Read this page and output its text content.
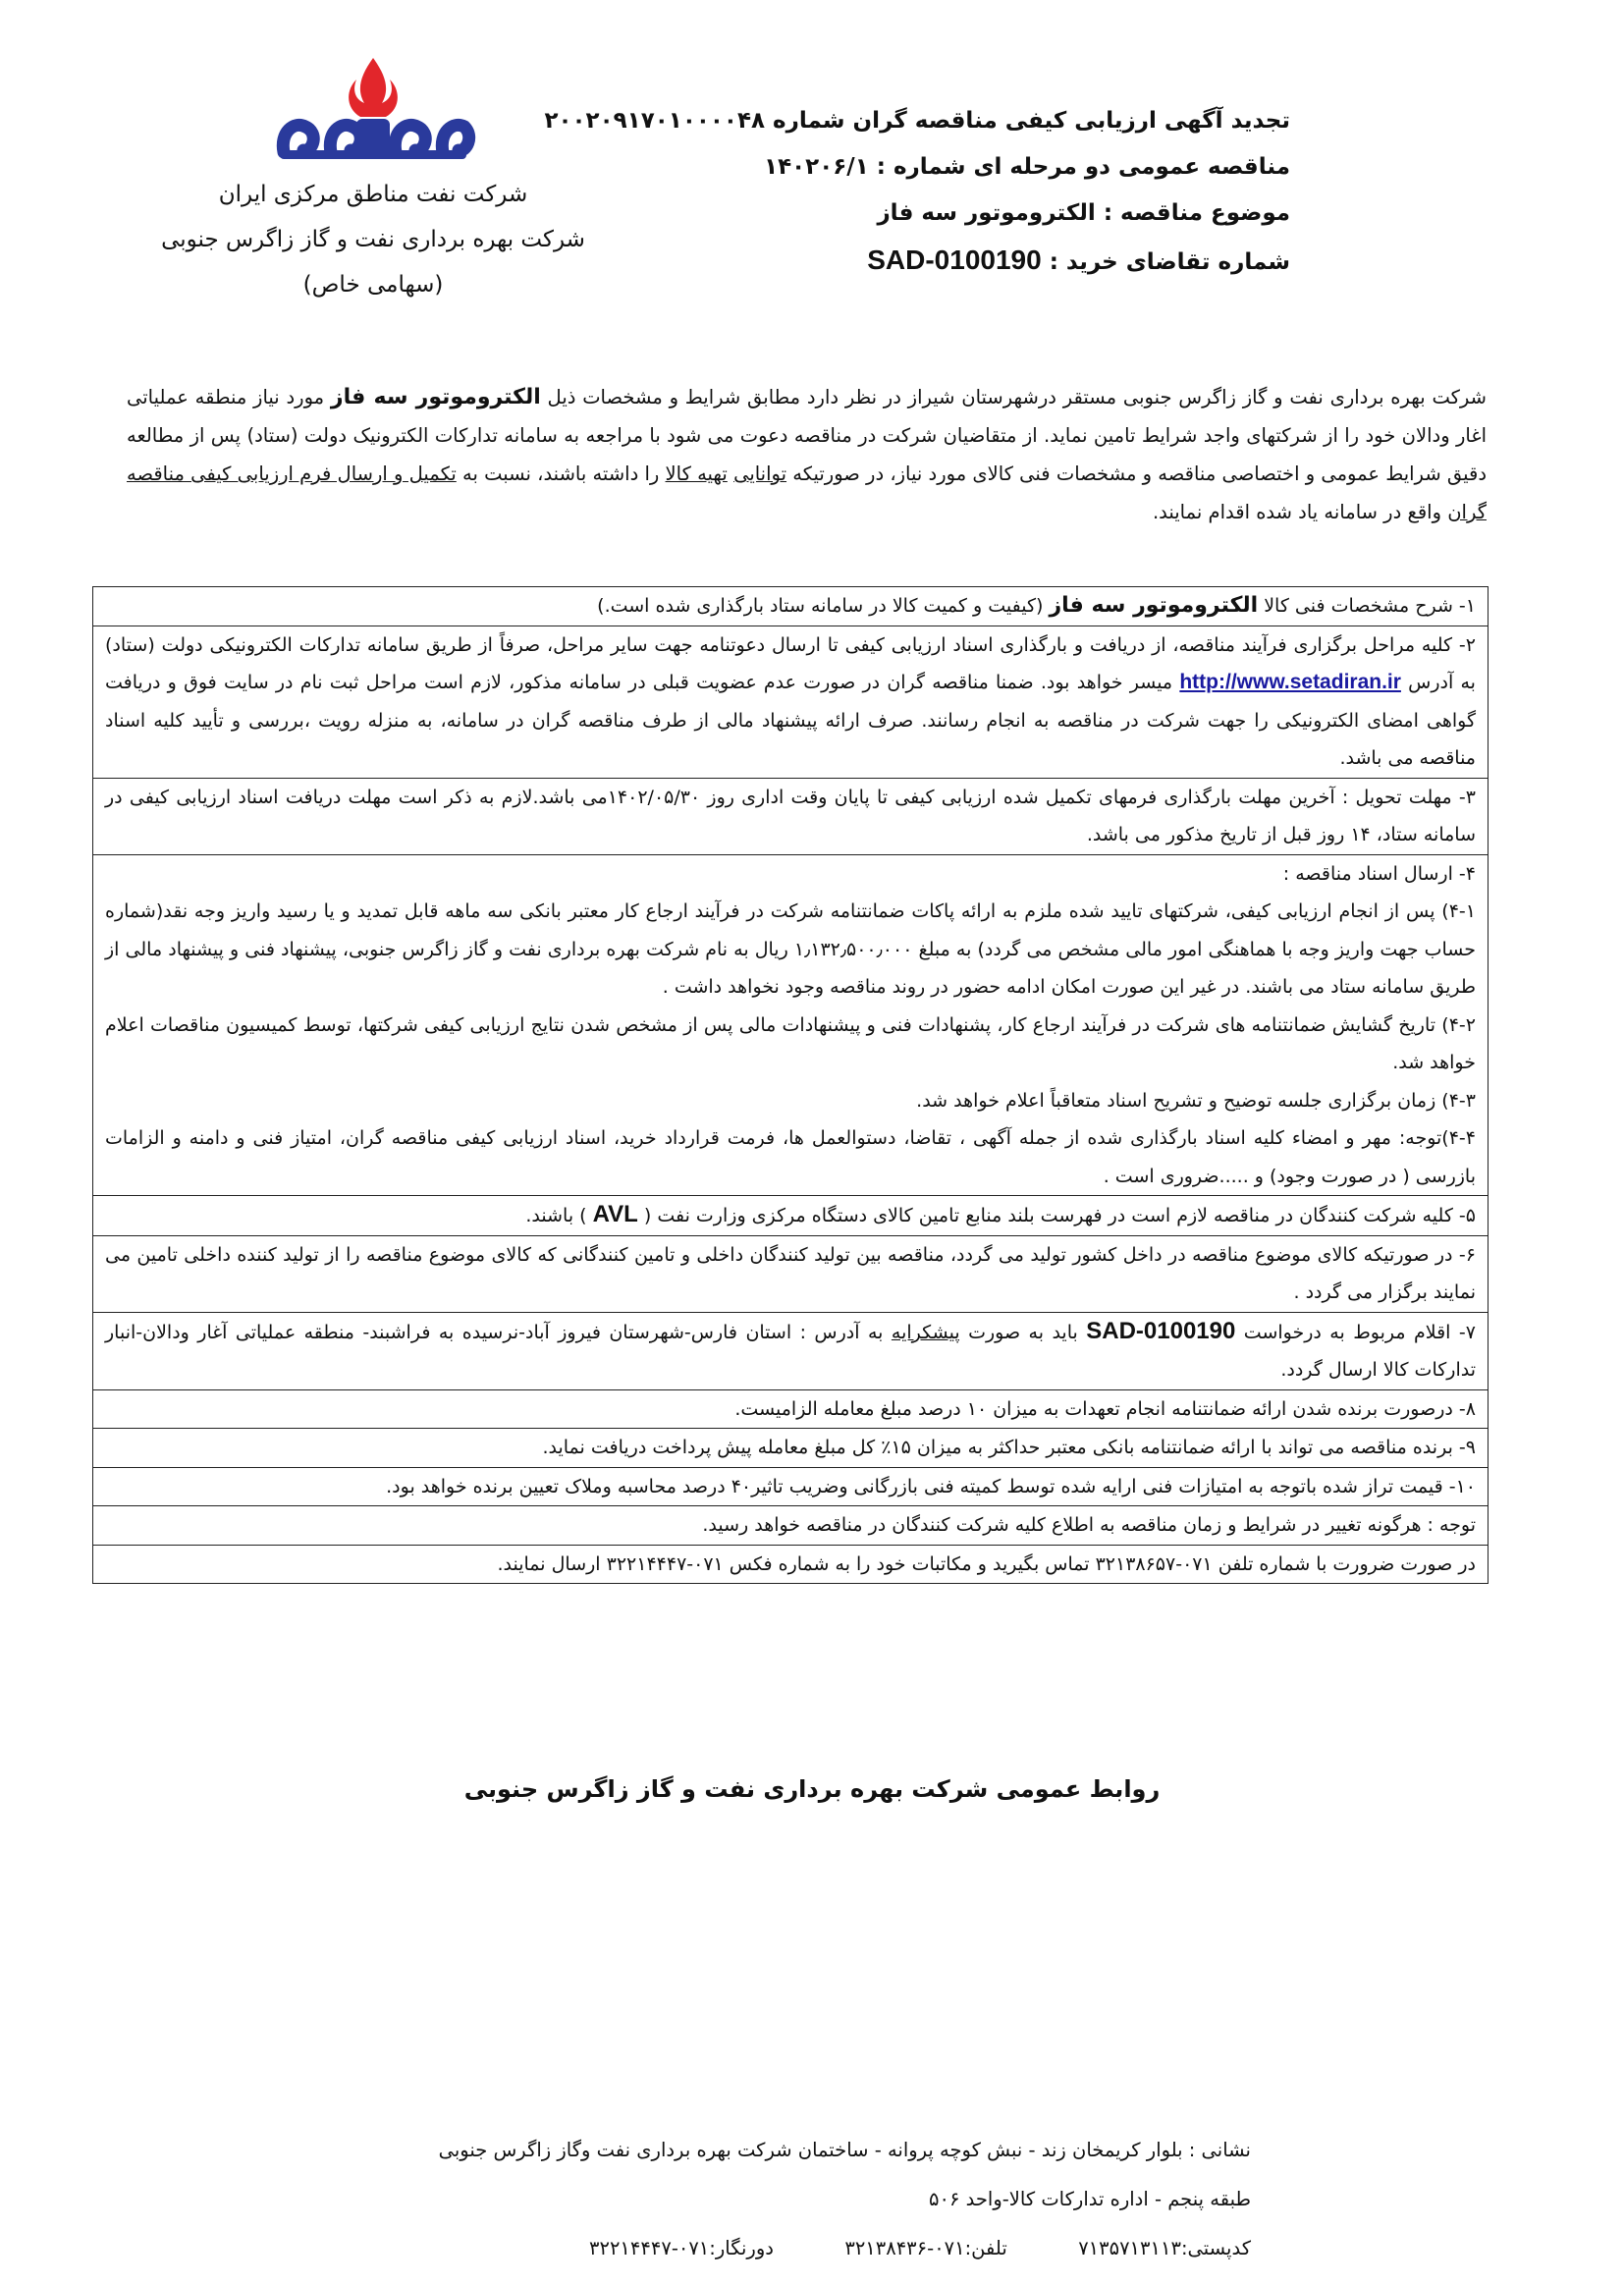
تجدید آگهی ارزیابی کیفی مناقصه گران شماره ۲۰۰۲۰۹۱۷۰۱۰۰۰۰۴۸
مناقصه عمومی دو مرحله ای شماره : ۱۴۰۲۰۶/۱
موضوع مناقصه : الکتروموتور سه فاز
شماره تقاضای خرید : SAD-0100190
شرکت نفت مناطق مرکزی ایران
شرکت بهره برداری نفت و گاز زاگرس جنوبی
(سهامی خاص)
شرکت بهره برداری نفت و گاز زاگرس جنوبی مستقر درشهرستان شیراز در نظر دارد مطابق شرایط و مشخصات ذیل الکتروموتور سه فاز مورد نیاز منطقه عملیاتی اغار ودالان خود را از شرکتهای واجد شرایط تامین نماید. از متقاضیان شرکت در مناقصه دعوت می شود با مراجعه به سامانه تدارکات الکترونیک دولت (ستاد) پس از مطالعه دقیق شرایط عمومی و اختصاصی مناقصه و مشخصات فنی کالای مورد نیاز، در صورتیکه توانایی تهیه کالا را داشته باشند، نسبت به تکمیل و ارسال فرم ارزیابی کیفی مناقصه گران واقع در سامانه یاد شده اقدام نمایند.
۱- شرح مشخصات فنی کالا الکتروموتور سه فاز (کیفیت و کمیت کالا در سامانه ستاد بارگذاری شده است.)
۲- کلیه مراحل برگزاری فرآیند مناقصه، از دریافت و بارگذاری اسناد ارزیابی کیفی تا ارسال دعوتنامه جهت سایر مراحل، صرفاً از طریق سامانه تدارکات الکترونیکی دولت (ستاد) به آدرس http://www.setadiran.ir میسر خواهد بود. ضمنا مناقصه گران در صورت عدم عضویت قبلی در سامانه مذکور، لازم است مراحل ثبت نام در سایت فوق و دریافت گواهی امضای الکترونیکی را جهت شرکت در مناقصه به انجام رسانند. صرف ارائه پیشنهاد مالی از طرف مناقصه گران در سامانه، به منزله رویت ،بررسی و تأیید کلیه اسناد مناقصه می باشد.
۳- مهلت تحویل : آخرین مهلت بارگذاری فرمهای تکمیل شده ارزیابی کیفی تا پایان وقت اداری روز ۱۴۰۲/۰۵/۳۰می باشد.لازم به ذکر است مهلت دریافت اسناد ارزیابی کیفی در سامانه ستاد، ۱۴ روز قبل از تاریخ مذکور می باشد.

۴- ارسال اسناد مناقصه :

۴-۱) پس از انجام ارزیابی کیفی، شرکتهای تایید شده ملزم به ارائه پاکات ضمانتنامه شرکت در فرآیند ارجاع کار معتبر بانکی سه ماهه قابل تمدید و یا رسید واریز وجه نقد(شماره حساب جهت واریز وجه با هماهنگی امور مالی مشخص می گردد) به مبلغ ۱٫۱۳۲٫۵۰۰٫۰۰۰ ریال به نام شرکت بهره برداری نفت و گاز زاگرس جنوبی، پیشنهاد فنی و پیشنهاد مالی از طریق سامانه ستاد می باشند. در غیر این صورت امکان ادامه حضور در روند مناقصه وجود نخواهد داشت .

۴-۲) تاریخ گشایش ضمانتنامه های شرکت در فرآیند ارجاع کار، پشنهادات فنی و پیشنهادات مالی پس از مشخص شدن نتایج ارزیابی کیفی شرکتها، توسط کمیسیون مناقصات اعلام خواهد شد.

۴-۳) زمان برگزاری جلسه توضیح و تشریح اسناد متعاقباً اعلام خواهد شد.

۴-۴)توجه: مهر و امضاء کلیه اسناد بارگذاری شده از جمله آگهی ، تقاضا، دستوالعمل ها، فرمت قرارداد خرید، اسناد ارزیابی کیفی مناقصه گران، امتیاز فنی و دامنه و الزامات بازرسی ( در صورت وجود) و .....ضروری است .

۵- کلیه شرکت کنندگان در مناقصه لازم است در فهرست بلند منابع تامین کالای دستگاه مرکزی وزارت نفت ( AVL ) باشند.
۶- در صورتیکه کالای موضوع مناقصه در داخل کشور تولید می گردد، مناقصه بین تولید کنندگان داخلی و تامین کنندگانی که کالای موضوع مناقصه را از تولید کننده داخلی تامین می نمایند برگزار می گردد .
۷- اقلام مربوط به درخواست SAD-0100190 باید به صورت پیشکرایه به آدرس : استان فارس-شهرستان فیروز آباد-نرسیده به فراشبند- منطقه عملیاتی آغار ودالان-انبار تدارکات کالا ارسال گردد.
۸- درصورت برنده شدن ارائه ضمانتنامه انجام تعهدات به میزان ۱۰ درصد مبلغ معامله الزامیست.
۹- برنده مناقصه می تواند با ارائه ضمانتنامه بانکی معتبر حداکثر به میزان ۱۵٪ کل مبلغ معامله پیش پرداخت دریافت نماید.
۱۰- قیمت تراز شده باتوجه به امتیازات فنی ارایه شده توسط کمیته فنی بازرگانی وضریب تاثیر۴۰ درصد محاسبه وملاک تعیین برنده خواهد بود.
توجه : هرگونه تغییر در شرایط و زمان مناقصه به اطلاع کلیه شرکت کنندگان در مناقصه خواهد رسید.
در صورت ضرورت با شماره تلفن ۰۷۱-۳۲۱۳۸۶۵۷ تماس بگیرید و مکاتبات خود را به شماره فکس ۰۷۱-۳۲۲۱۴۴۴۷ ارسال نمایند.
روابط عمومی شرکت بهره برداری نفت و گاز زاگرس جنوبی
نشانی : بلوار کریمخان زند - نبش کوچه پروانه - ساختمان شرکت بهره برداری نفت وگاز زاگرس جنوبی
طبقه پنجم - اداره تدارکات کالا-واحد ۵۰۶
کدپستی:۷۱۳۵۷۱۳۱۱۳  تلفن:۰۷۱-۳۲۱۳۸۴۳۶  دورنگار:۰۷۱-۳۲۲۱۴۴۴۷
